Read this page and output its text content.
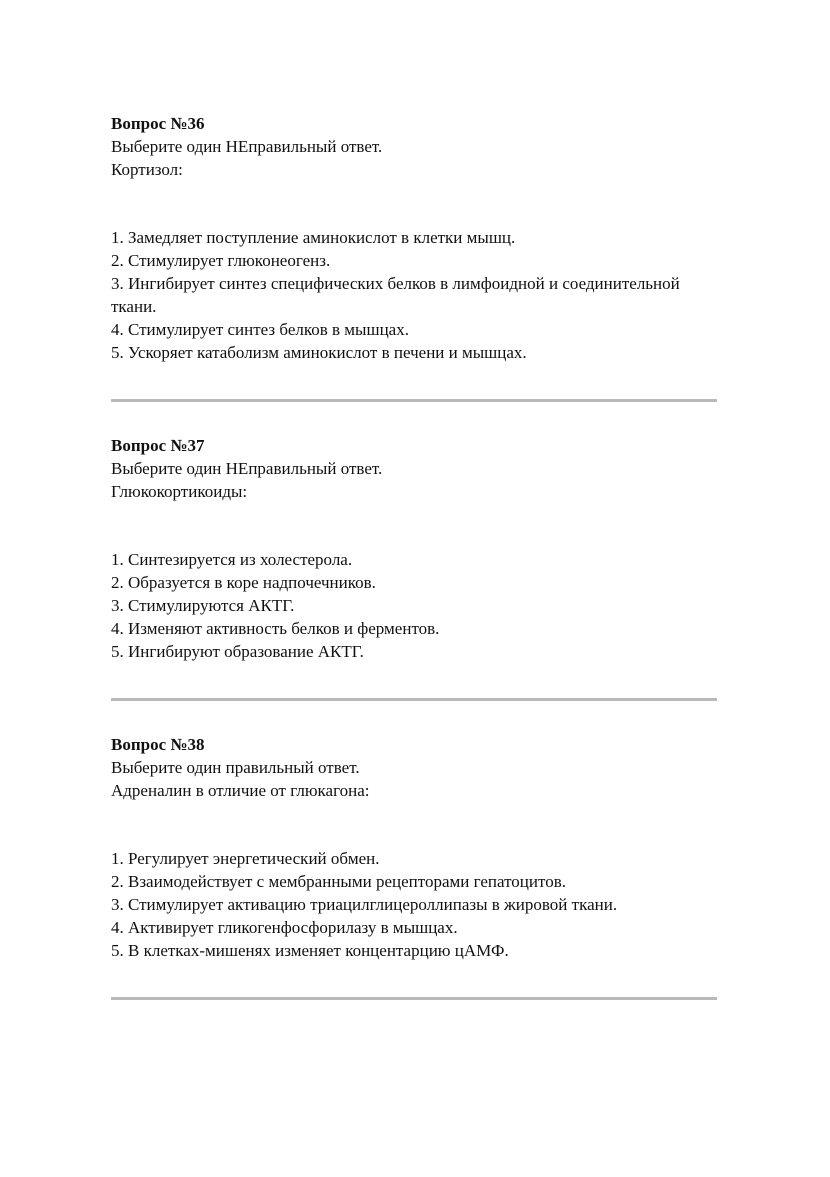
Вопрос №36

Выберите один НЕправильный ответ.

Кортизол:

1. Замедляет поступление аминокислот в клетки мышц.
2. Стимулирует глюконеогенз.
3. Ингибирует синтез специфических белков в лимфоидной и соединительной ткани.
4. Стимулирует синтез белков в мышцах.
5. Ускоряет катаболизм аминокислот в печени и мышцах.

Вопрос №37

Выберите один НЕправильный ответ.

Глюкокортикоиды:

1. Синтезируется из холестерола.
2. Образуется в коре надпочечников.
3. Стимулируются АКТГ.
4. Изменяют активность белков и ферментов.
5. Ингибируют образование АКТГ.

Вопрос №38

Выберите один правильный ответ.

Адреналин в отличие от глюкагона:

1. Регулирует энергетический обмен.
2. Взаимодействует с мембранными рецепторами гепатоцитов.
3. Стимулирует активацию триацилглицероллипазы в жировой ткани.
4. Активирует гликогенфосфорилазу в мышцах.
5. В клетках-мишенях изменяет концентарцию цАМФ.
